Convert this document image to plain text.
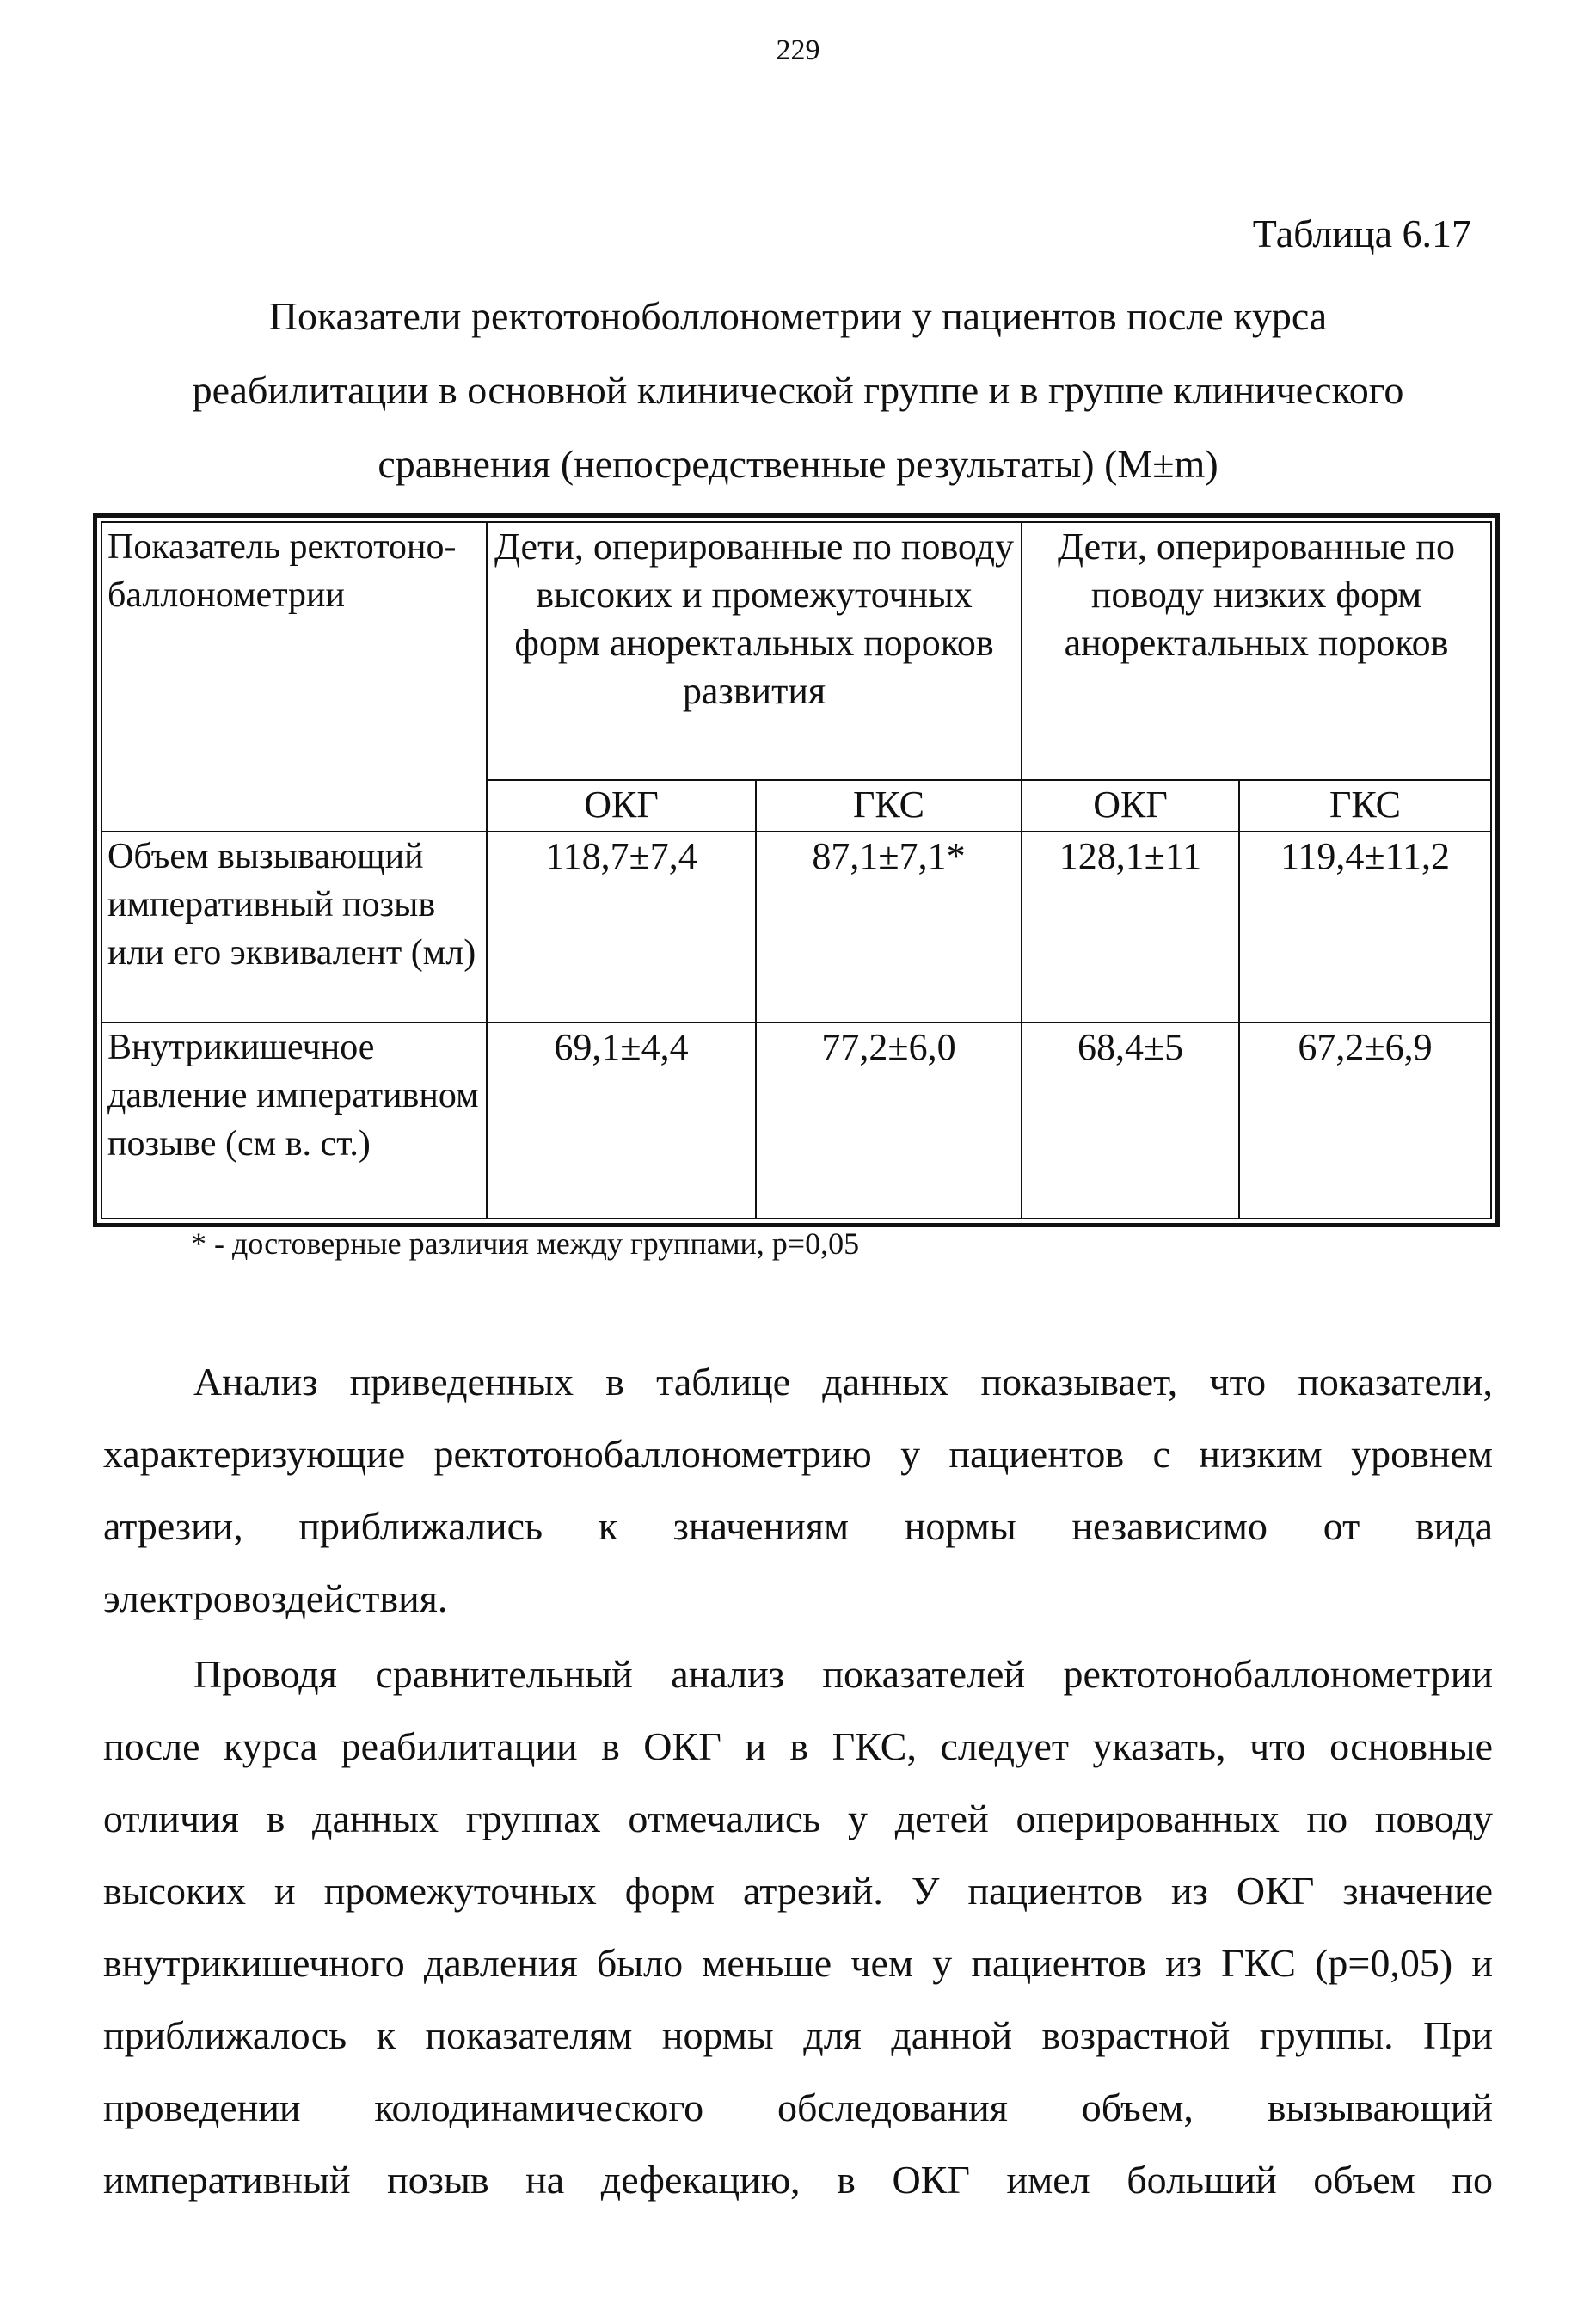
229
Таблица 6.17
Показатели ректотоноболлонометрии у пациентов после курса
реабилитации в основной клинической группе и в группе клинического
сравнения (непосредственные результаты) (M±m)
Показатель ректотоно-баллонометрии	Дети, оперированные по поводу высоких и промежуточных форм аноректальных пороков развития		Дети, оперированные по поводу низких форм аноректальных пороков	
	ОКГ	ГКС	ОКГ	ГКС
Объем вызывающий императивный позыв или его эквивалент (мл)	118,7±7,4	87,1±7,1*	128,1±11	119,4±11,2
Внутрикишечное давление императивном позыве (см в. ст.)	69,1±4,4	77,2±6,0	68,4±5	67,2±6,9
* - достоверные различия между группами, p=0,05
Анализ приведенных в таблице данных показывает, что показатели,
характеризующие ректотонобаллонометрию у пациентов с низким уровнем
атрезии, приближались к значениям нормы независимо от вида
электровоздействия.
Проводя сравнительный анализ показателей ректотонобаллонометрии
после курса реабилитации в ОКГ и в ГКС, следует указать, что основные
отличия в данных группах отмечались у детей оперированных по поводу
высоких и промежуточных форм атрезий. У пациентов из ОКГ значение
внутрикишечного давления было меньше чем у пациентов из ГКС (p=0,05) и
приближалось к показателям нормы для данной возрастной группы. При
проведении колодинамического обследования объем, вызывающий
императивный позыв на дефекацию, в ОКГ имел больший объем по
